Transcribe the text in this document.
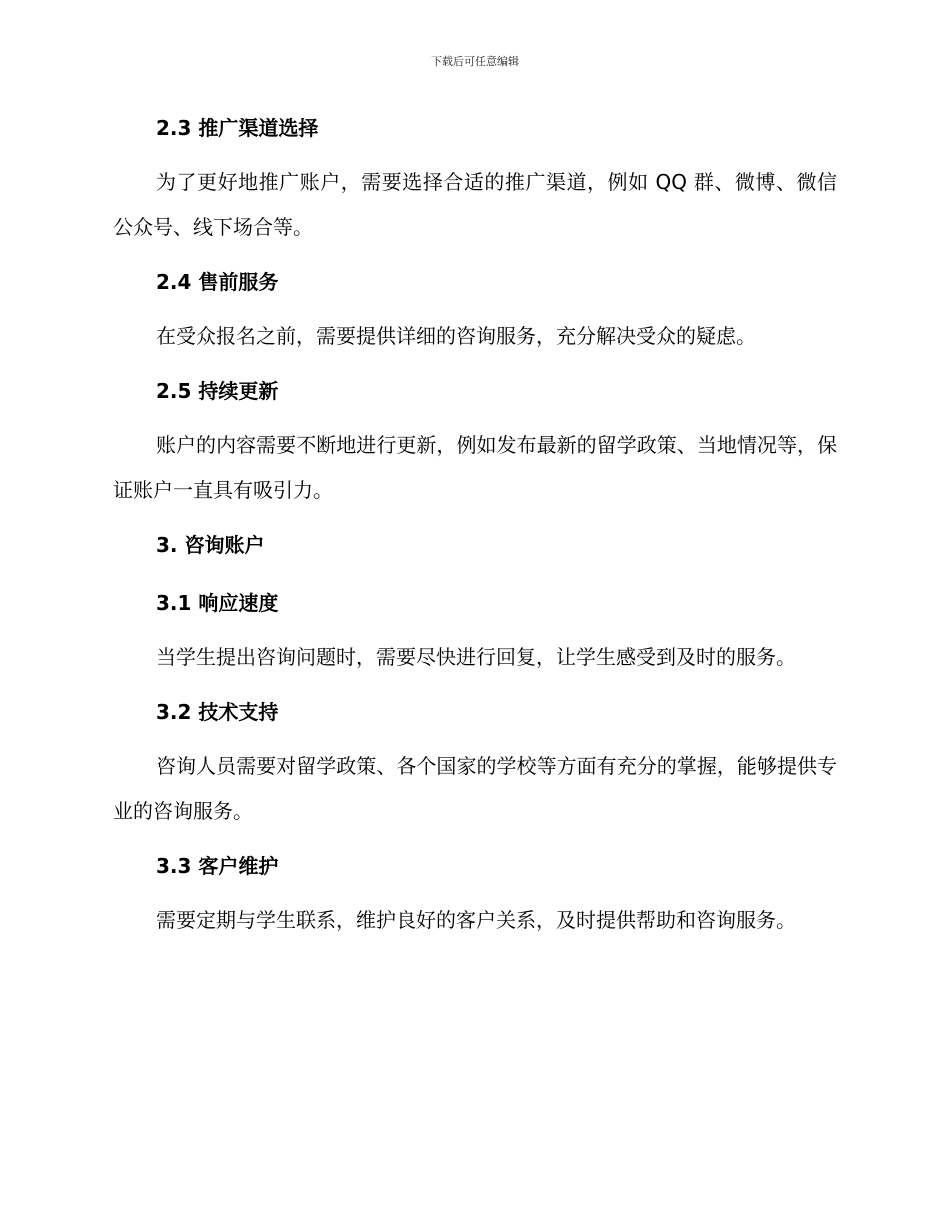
下载后可任意编辑

2.3 推广渠道选择

为了更好地推广账户，需要选择合适的推广渠道，例如 QQ 群、微博、微信公众号、线下场合等。

2.4 售前服务

在受众报名之前，需要提供详细的咨询服务，充分解决受众的疑虑。

2.5 持续更新

账户的内容需要不断地进行更新，例如发布最新的留学政策、当地情况等，保证账户一直具有吸引力。

3. 咨询账户

3.1 响应速度

当学生提出咨询问题时，需要尽快进行回复，让学生感受到及时的服务。

3.2 技术支持

咨询人员需要对留学政策、各个国家的学校等方面有充分的掌握，能够提供专业的咨询服务。

3.3 客户维护

需要定期与学生联系，维护良好的客户关系，及时提供帮助和咨询服务。
